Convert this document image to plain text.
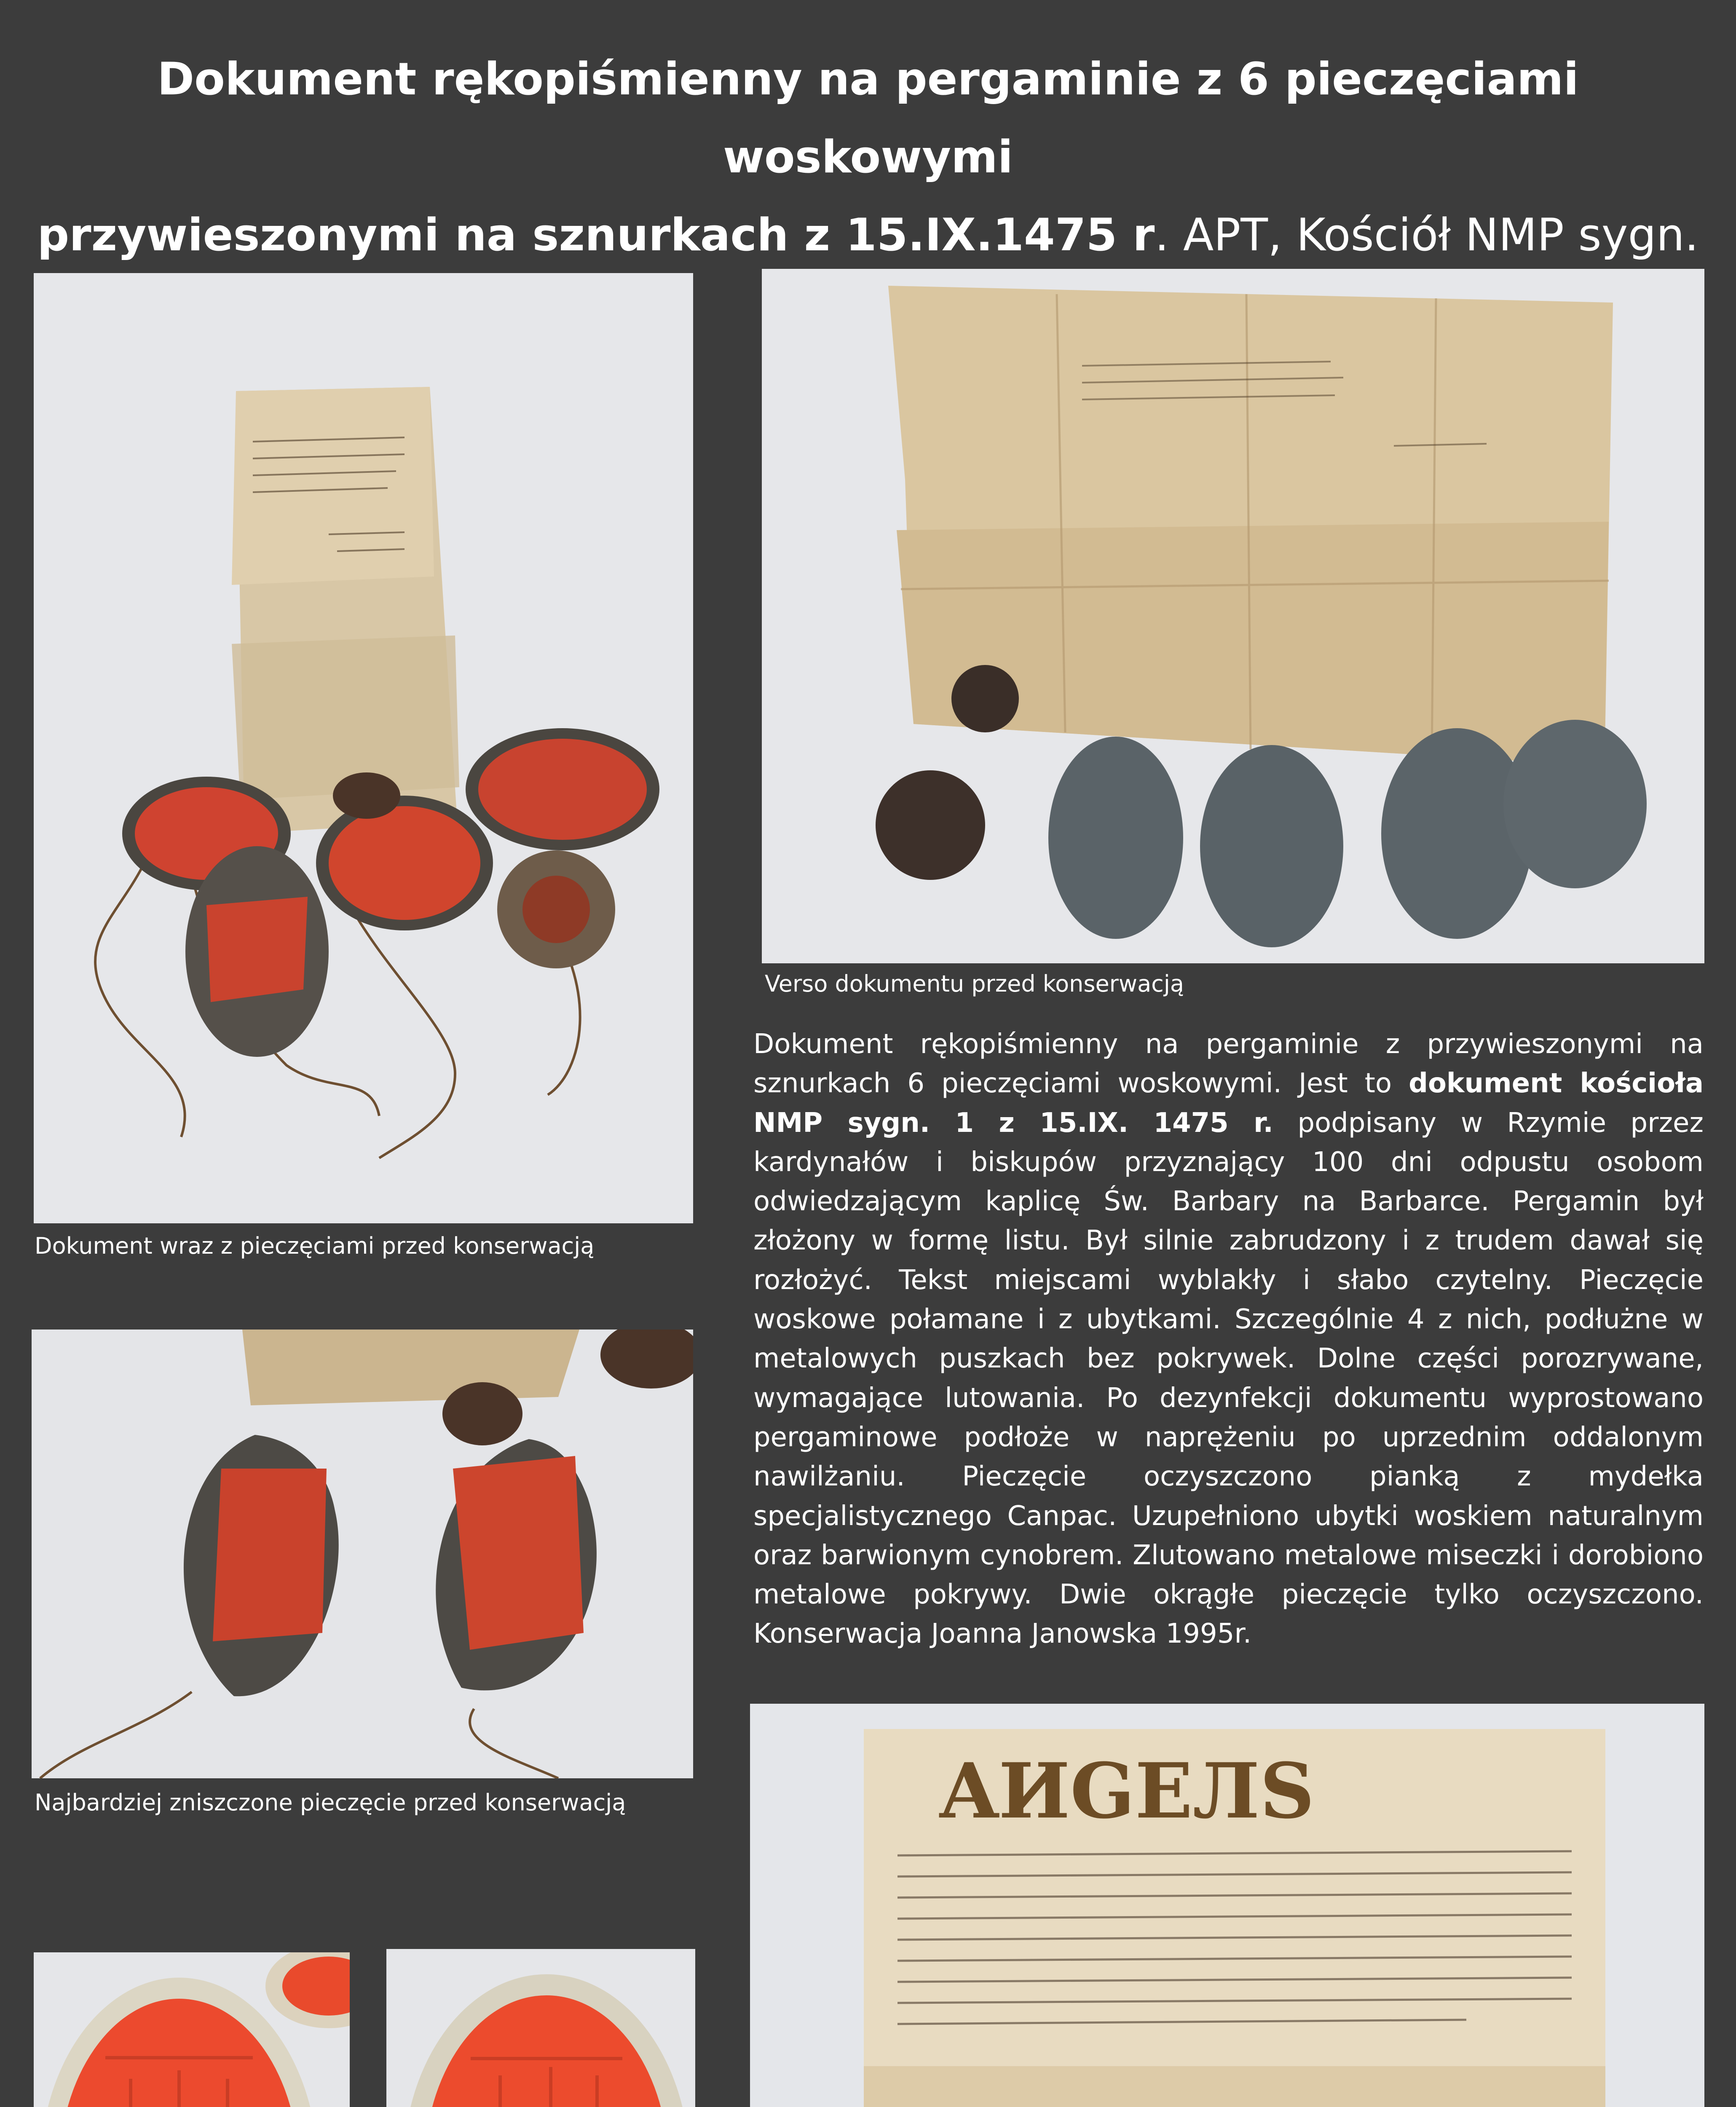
Dokument rękopiśmienny na pergaminie z 6 pieczęciami woskowymi
przywieszonymi na sznurkach z 15.IX.1475 r. APT, Kościół NMP sygn.
Verso dokumentu przed konserwacją
Dokument wraz z pieczęciami przed konserwacją
Dokument rękopiśmienny na pergaminie z przywieszonymi na sznurkach 6 pieczęciami woskowymi. Jest to dokument kościoła NMP sygn. 1 z 15.IX. 1475 r. podpisany w Rzymie przez kardynałów i biskupów przyznający 100 dni odpustu osobom odwiedzającym kaplicę Św. Barbary na Barbarce. Pergamin był złożony w formę listu. Był silnie zabrudzony i z trudem dawał się rozłożyć. Tekst miejscami wyblakły i słabo czytelny. Pieczęcie woskowe połamane i z ubytkami. Szczególnie 4 z nich, podłużne w metalowych puszkach bez pokrywek. Dolne części porozrywane, wymagające lutowania. Po dezynfekcji dokumentu wyprostowano pergaminowe podłoże w naprężeniu po uprzednim oddalonym nawilżaniu. Pieczęcie oczyszczono pianką z mydełka specjalistycznego Canpac. Uzupełniono ubytki woskiem naturalnym oraz barwionym cynobrem. Zlutowano metalowe miseczki i dorobiono metalowe pokrywy. Dwie okrągłe pieczęcie tylko oczyszczono. Konserwacja Joanna Janowska 1995r.
Najbardziej zniszczone pieczęcie przed konserwacją	AИGЕЛS
